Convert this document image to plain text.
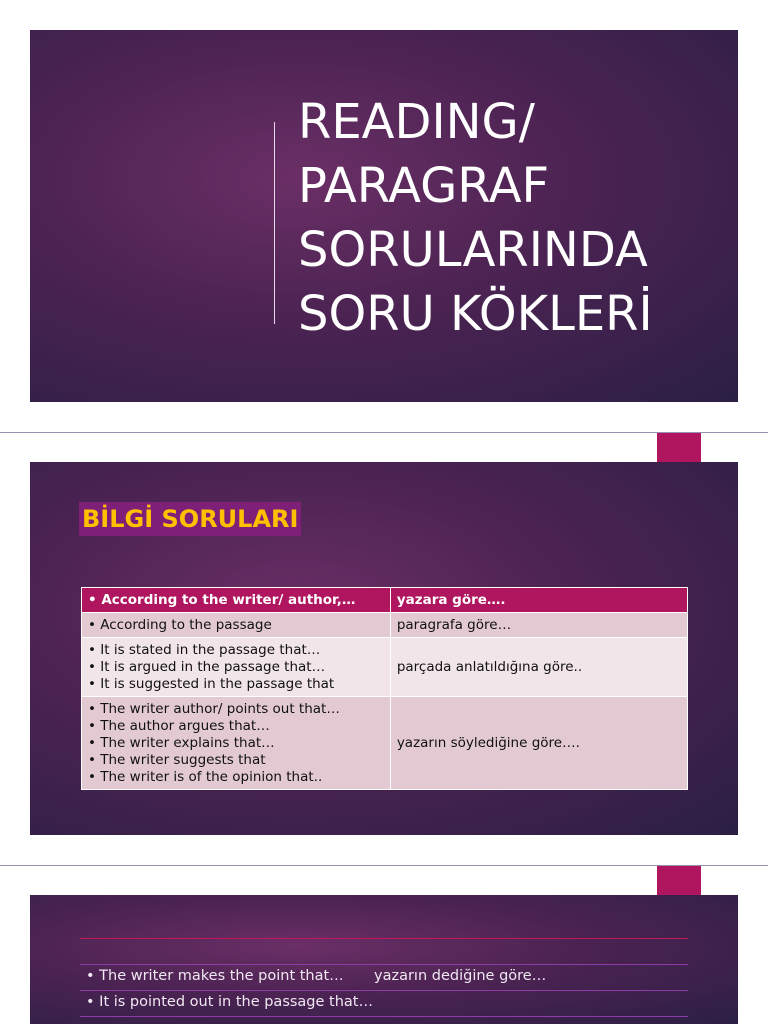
READING/
PARAGRAF
SORULARINDA
SORU KÖKLERİ
BİLGİ SORULARI
• According to the writer/ author,…	yazara göre….

• According to the passage	paragrafa göre…

• It is stated in the passage that…
• It is argued in the passage that…
• It is suggested in the passage that	parçada anlatıldığına göre..

• The writer author/ points out that…
• The author argues that…
• The writer explains that…
• The writer suggests that
• The writer is of the opinion that..	yazarın söylediğine göre….
• The writer makes the point that… yazarın dediğine göre…
• It is pointed out in the passage that…
